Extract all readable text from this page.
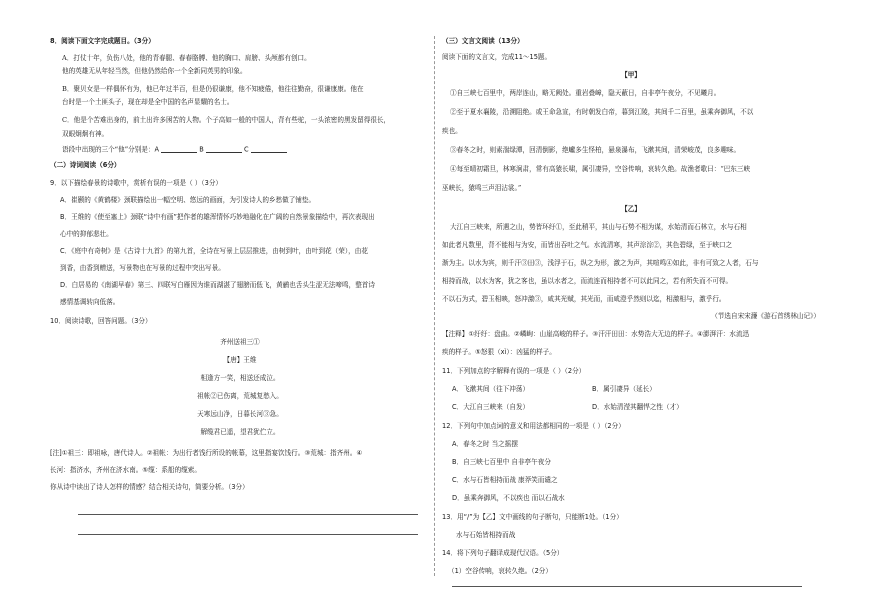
8．阅读下面文字完成题目。（3分）
A．打仗十年，负伤八处，他的青春腿、春春胳膊、他的胸口、肩膀、头颅都有创口。
他的英雄无从年轻当然，但他仍然给你一个全新同英男的印象。
B．聚贝女是一样偶怀有为，他已年过半百，但是仍很谦康，他不知疲倦，他往往勤奋，很谦康康。他在
台时是一个土匪头子，现在却是全中国的名声显耀的名士。
C．他是个苦难出身的，前土出许多困苦的人物。个子高如一般的中国人，背有些驼，一头浓密的黑发留得很长，
双眼炯炯有神。
语段中出现的三个“他”分别是：A	B	C
（二）诗词阅读（6分）
9．以下描绘春景的诗歌中，赏析有误的一项是（ ）（3分）
A．崔颢的《黄鹤楼》颈联描绘出一幅空明、悠远的画面，为引发诗人的乡愁做了铺垫。
B．王维的《使至塞上》颈联“诗中有画”把作者的雄浑情怀巧妙地融化在广阔的自然景象描绘中，再次表现出
心中的抑郁悲壮。
C．《庭中有奇树》是《古诗十九首》的第九首，全诗在写景上层层推进，由树到叶，由叶到花（荣），由花
到香，由香到赠送，写景物也在写景的过程中突出写景。
D．白居易的《南湖早春》第三、四联写白雁因为谁而湖湛了翅膀而低飞，黄鹂也舌头生涩无法啼鸣，整首诗
感情基调转向低落。
10．阅读诗歌，回答问题。（3分）
齐州送祖三①
【唐】王维
相逢方一笑，相送还成泣。
祖帐②已伤离，荒城复愁入。
天寒远山净，日暮长河③急。
解缆君已遥，望君犹伫立。
[注]①祖三：即祖咏，唐代诗人。②祖帐：为出行者饯行所设的帐幕，这里指宴饮饯行。③荒城：指齐州。④
长河：指济水，齐州在济水南。⑤缆：系船的缆索。
你从诗中读出了诗人怎样的情感？结合相关诗句，简要分析。（3分）
（三）文言文阅读（13分）
阅读下面的文言文，完成11～15题。
【甲】
①自三峡七百里中，两岸连山，略无阙处。重岩叠嶂，隐天蔽日，自非亭午夜分，不见曦月。
②至于夏水襄陵，沿溯阻绝。或王命急宣，有时朝发白帝，暮到江陵，其间千二百里，虽乘奔御风，不以
疾也。
③春冬之时，则素湍绿潭，回清倒影，绝巘多生怪柏，悬泉瀑布，飞漱其间，清荣峻茂，良多趣味。
④每至晴初霜旦，林寒涧肃，常有高猿长啸，属引凄异，空谷传响，哀转久绝。故渔者歌曰：“巴东三峡
巫峡长，猿鸣三声泪沾裳。”
【乙】
大江自三峡来，所遇之山，势皆环纡①，至此稍平，其山与石势不相为谋，水始清而石林立，水与石相
如此者凡数里，背不能相与为安，而皆出吞吐之气。水流清寒，其声淙淙②，其色碧绿，至于峡口之
渐为主。以水为宾，则千汗③田③，浅浮于石，纵之为形，激之为声，其喧鸣④如此，非有可致之人者，石与
相持而战，以水为客，犹之客也，虽以水者之，而流连而相持者不可以此同之，若有所失而不可得。
不以石为式，碧玉相映，怒冲激③，咸其光赋，其光而，而咸澄乎然则以迄，相激相与，激乎行。
（节选自宋宋濂《游石首绣林山记》）
【注释】①纡纡：盘曲。②嶙峋：山崖高峻的样子。③汗汗田田：水势浩大无边的样子。④澎湃汗：水流迅
疾的样子。⑤怒狠（xì）：凶猛的样子。
11．下列加点的字解释有误的一项是（ ）（2分）
A．飞漱其间（往下冲荡）	B．属引凄异（延长）
C．大江自三峡来（自发）	D．水始清滢其翻悍之性（才）
12．下列句中加点词的意义和用法都相同的一项是（ ）（2分）
A．春冬之时 当之摇摆
B．自三峡七百里中 自非亭午夜分
C．水与石皆相持而战 康莽笑而谴之
D．虽乘奔御风，不以疾也 而以石战水
13．用“/”为【乙】文中画线的句子断句，只能断1处。（1分）
水与石始皆相持而战
14．将下列句子翻译成现代汉语。（5分）
（1）空谷传响，哀转久绝。（2分）
